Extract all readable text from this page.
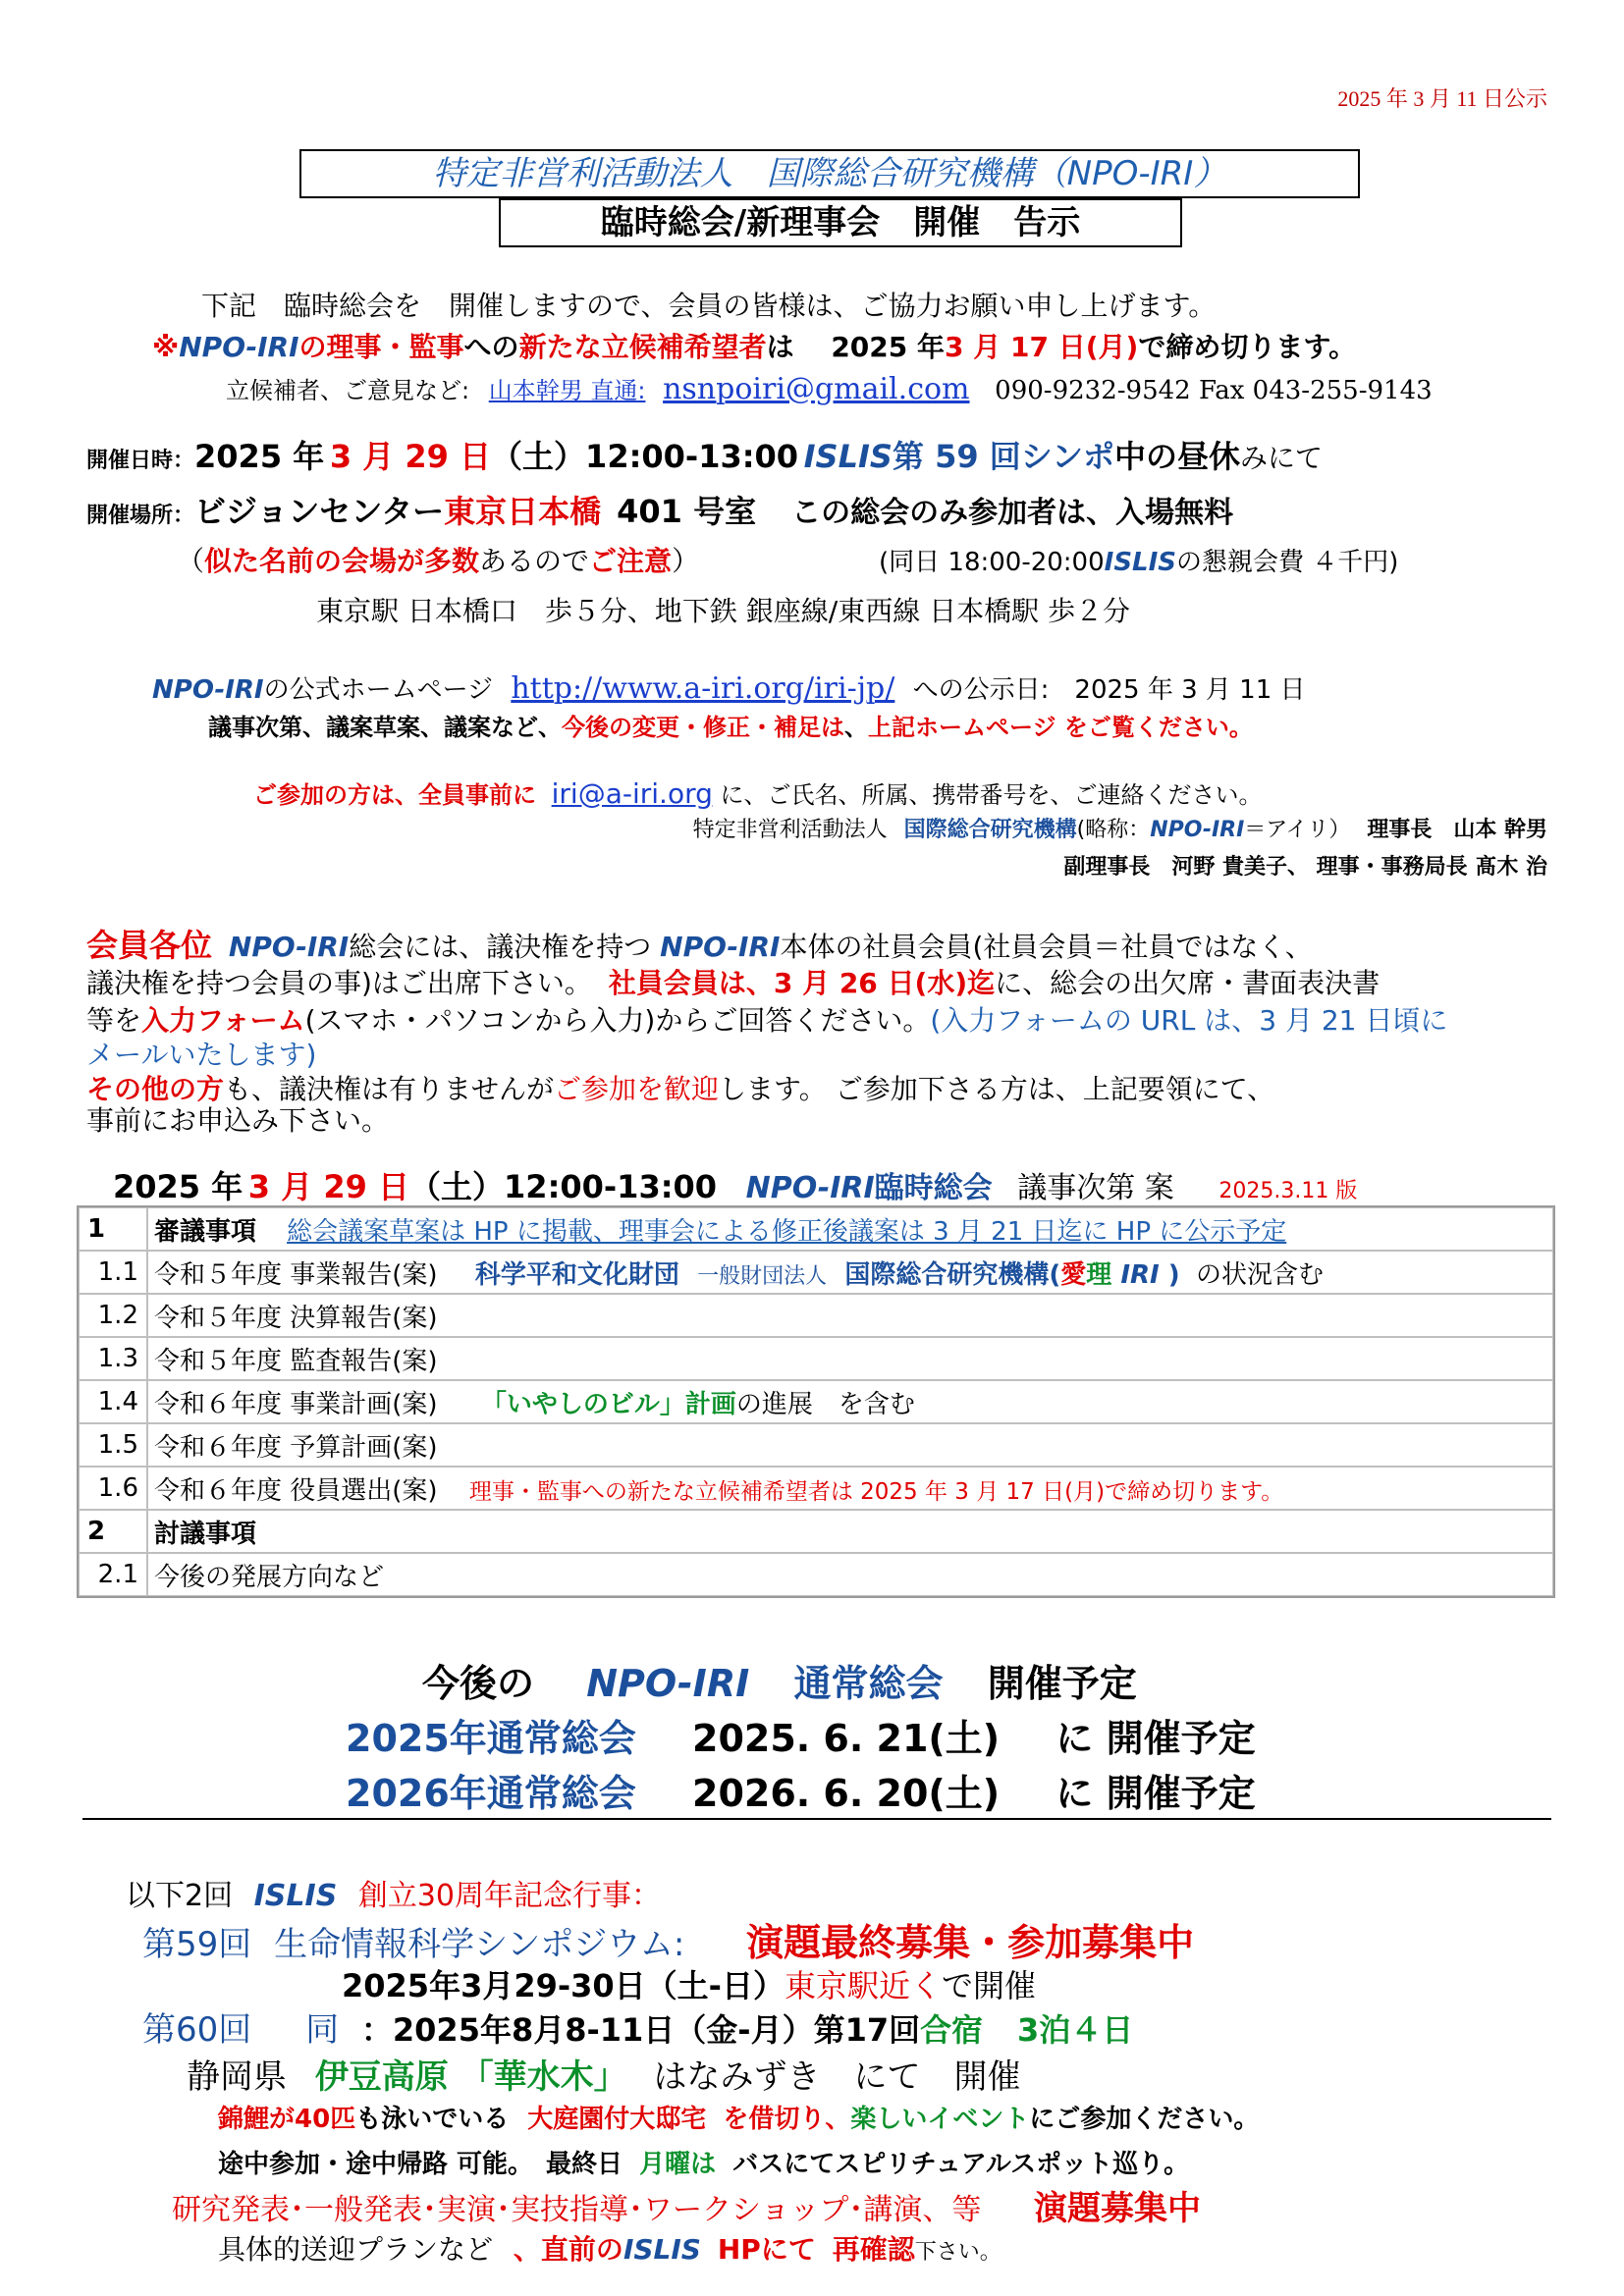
2025 年 3 月 11 日公示
特定非営利活動法人　国際総合研究機構（NPO-IRI）
臨時総会/新理事会　開催　告示
下記　臨時総会を　開催しますので、会員の皆様は、ご協力お願い申し上げます。
※NPO-IRIの理事・監事への新たな立候補希望者は　 2025 年3 月 17 日(月)で締め切ります。
立候補者、ご意見など: 山本幹男 直通: nsnpoiri@gmail.com 090-9232-9542 Fax 043-255-9143
開催日時：2025 年 3 月 29 日（土）12:00-13:00 ISLIS第 59 回シンポ中の昼休みにて
開催場所：ビジョンセンター東京日本橋 401 号室 この総会のみ参加者は、入場無料
（似た名前の会場が多数あるのでご注意）	(同日 18:00-20:00ISLISの懇親会費 ４千円)
東京駅 日本橋口　歩５分、地下鉄 銀座線/東西線 日本橋駅 歩２分
NPO-IRIの公式ホームページ http://www.a-iri.org/iri-jp/ への公示日:　2025 年 3 月 11 日
議事次第、議案草案、議案など、今後の変更・修正・補足は、上記ホームページ をご覧ください。
ご参加の方は、全員事前に iri@a-iri.org に、ご氏名、所属、携帯番号を、ご連絡ください。
特定非営利活動法人 国際総合研究機構(略称：NPO-IRI＝アイリ） 理事長　山本 幹男
副理事長　河野 貴美子、 理事・事務局長 髙木 治
会員各位 NPO-IRI総会には、議決権を持つ NPO-IRI本体の社員会員(社員会員＝社員ではなく、
議決権を持つ会員の事)はご出席下さい。 社員会員は、3 月 26 日(水)迄に、総会の出欠席・書面表決書
等を入力フォーム(スマホ・パソコンから入力)からご回答ください。(入力フォームの URL は、3 月 21 日頃に
メールいたします)
その他の方も、議決権は有りませんがご参加を歓迎します。 ご参加下さる方は、上記要領にて、
事前にお申込み下さい。
2025 年 3 月 29 日（土）12:00-13:00 NPO-IRI臨時総会 議事次第 案 2025.3.11 版
1	審議事項 総会議案草案は HP に掲載、理事会による修正後議案は 3 月 21 日迄に HP に公示予定
1.1	令和５年度 事業報告(案) 科学平和文化財団 一般財団法人 国際総合研究機構(愛理 IRI ) の状況含む
1.2	令和５年度 決算報告(案)
1.3	令和５年度 監査報告(案)
1.4	令和６年度 事業計画(案) 「いやしのビル」計画の進展　を含む
1.5	令和６年度 予算計画(案)
1.6	令和６年度 役員選出(案) 理事・監事への新たな立候補希望者は 2025 年 3 月 17 日(月)で締め切ります。
2	討議事項
2.1	今後の発展方向など
今後の NPO-IRI 通常総会 開催予定
2025年通常総会 2025. 6. 21(土) に 開催予定
2026年通常総会 2026. 6. 20(土) に 開催予定
以下2回 ISLIS 創立30周年記念行事：
第59回 生命情報科学シンポジウム: 演題最終募集・参加募集中
2025年3月29-30日（土-日）東京駅近くで開催
第60回 同 ：2025年8月8-11日（金-月）第17回合宿 3泊４日
静岡県 伊豆高原 「華水木」 はなみずき　にて　開催
錦鯉が40匹も泳いでいる 大庭園付大邸宅 を借切り、楽しいイベントにご参加ください。
途中参加・途中帰路 可能。　最終日 月曜は バスにてスピリチュアルスポット巡り。
研究発表･一般発表･実演･実技指導･ワークショップ･講演、等 演題募集中
具体的送迎プランなど 、直前のISLIS HPにて 再確認下さい。
